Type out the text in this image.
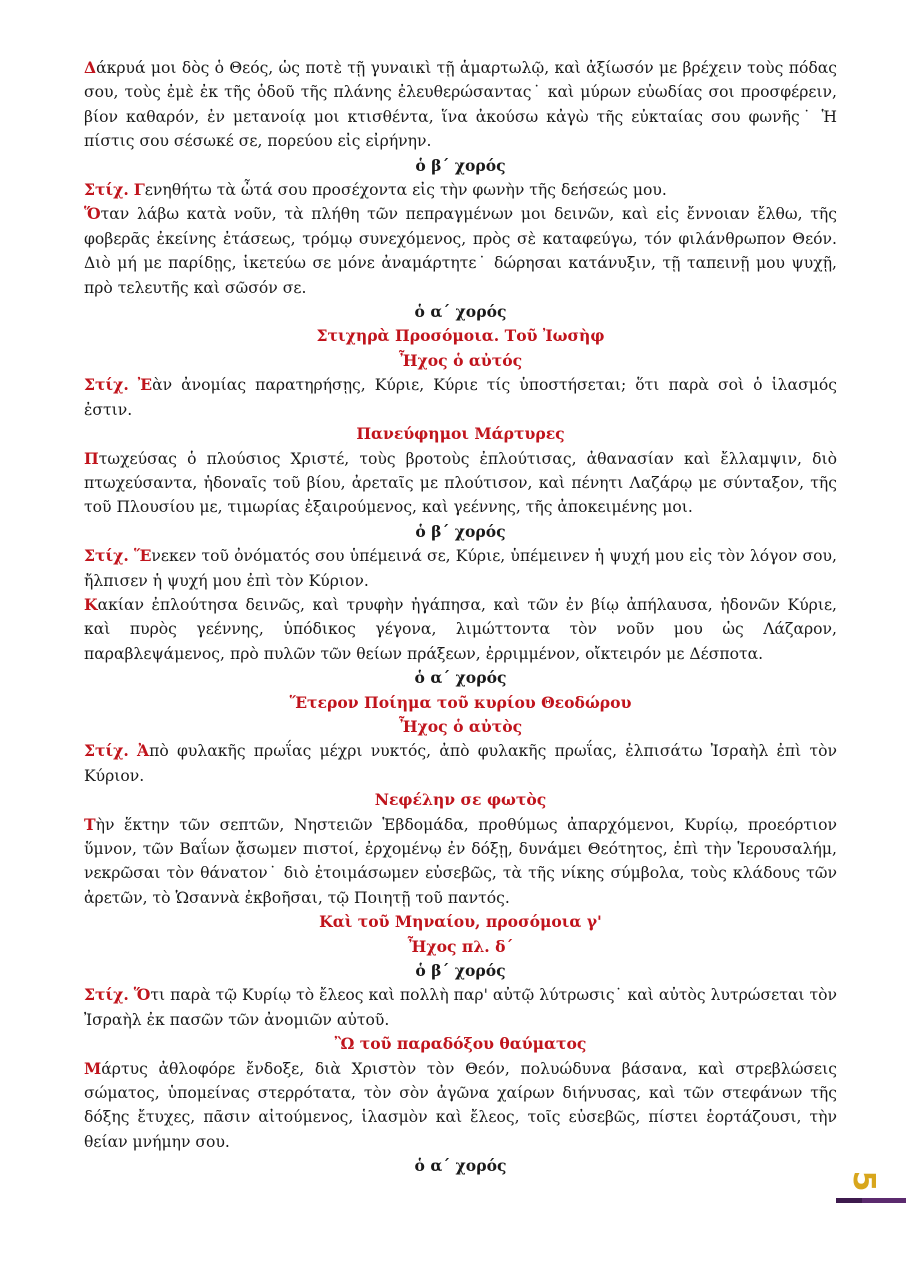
Δάκρυά μοι δὸς ὁ Θεός, ὡς ποτὲ τῇ γυναικὶ τῇ ἁμαρτωλῷ, καὶ ἀξίωσόν με βρέχειν τοὺς πόδας σου, τοὺς ἐμὲ ἐκ τῆς ὁδοῦ τῆς πλάνης ἐλευθερώσαντας˙ καὶ μύρων εὐωδίας σοι προσφέρειν, βίον καθαρόν, ἐν μετανοίᾳ μοι κτισθέντα, ἵνα ἀκούσω κἀγὼ τῆς εὐκταίας σου φωνῆς˙ Ἡ πίστις σου σέσωκέ σε, πορεύου εἰς εἰρήνην.

ὁ β΄ χορός

Στίχ. Γενηθήτω τὰ ὦτά σου προσέχοντα εἰς τὴν φωνὴν τῆς δεήσεώς μου.

Ὅταν λάβω κατὰ νοῦν, τὰ πλήθη τῶν πεπραγμένων μοι δεινῶν, καὶ εἰς ἔννοιαν ἔλθω, τῆς φοβερᾶς ἐκείνης ἐτάσεως, τρόμῳ συνεχόμενος, πρὸς σὲ καταφεύγω, τόν φιλάνθρωπον Θεόν. Διὸ μή με παρίδῃς, ἱκετεύω σε μόνε ἀναμάρτητε˙ δώρησαι κατάνυξιν, τῇ ταπεινῇ μου ψυχῇ, πρὸ τελευτῆς καὶ σῶσόν σε.

ὁ α΄ χορός

Στιχηρὰ Προσόμοια. Τοῦ Ἰωσὴφ

Ἦχος ὁ αὐτός

Στίχ. Ἐὰν ἀνομίας παρατηρήσῃς, Κύριε, Κύριε τίς ὑποστήσεται; ὅτι παρὰ σοὶ ὁ ἱλασμός ἐστιν.

Πανεύφημοι Μάρτυρες

Πτωχεύσας ὁ πλούσιος Χριστέ, τοὺς βροτοὺς ἐπλούτισας, ἀθανασίαν καὶ ἔλλαμψιν, διὸ πτωχεύσαντα, ἡδοναῖς τοῦ βίου, ἀρεταῖς με πλούτισον, καὶ πένητι Λαζάρῳ με σύνταξον, τῆς τοῦ Πλουσίου με, τιμωρίας ἐξαιρούμενος, καὶ γεέννης, τῆς ἀποκειμένης μοι.

ὁ β΄ χορός

Στίχ. Ἕνεκεν τοῦ ὀνόματός σου ὑπέμεινά σε, Κύριε, ὑπέμεινεν ἡ ψυχή μου εἰς τὸν λόγον σου, ἤλπισεν ἡ ψυχή μου ἐπὶ τὸν Κύριον.

Κακίαν ἐπλούτησα δεινῶς, καὶ τρυφὴν ἠγάπησα, καὶ τῶν ἐν βίῳ ἀπήλαυσα, ἡδονῶν Κύριε, καὶ πυρὸς γεέννης, ὑπόδικος γέγονα, λιμώττοντα τὸν νοῦν μου ὡς Λάζαρον, παραβλεψάμενος, πρὸ πυλῶν τῶν θείων πράξεων, ἐρριμμένον, οἴκτειρόν με Δέσποτα.

ὁ α΄ χορός

Ἕτερον Ποίημα τοῦ κυρίου Θεοδώρου

Ἦχος ὁ αὐτὸς

Στίχ. Ἀπὸ φυλακῆς πρωΐας μέχρι νυκτός, ἀπὸ φυλακῆς πρωΐας, ἐλπισάτω Ἰσραὴλ ἐπὶ τὸν Κύριον.

Νεφέλην σε φωτὸς

Τὴν ἕκτην τῶν σεπτῶν, Νηστειῶν Ἑβδομάδα, προθύμως ἀπαρχόμενοι, Κυρίῳ, προεόρτιον ὕμνον, τῶν Βαΐων ᾄσωμεν πιστοί, ἐρχομένῳ ἐν δόξῃ, δυνάμει Θεότητος, ἐπὶ τὴν Ἱερουσαλήμ, νεκρῶσαι τὸν θάνατον˙ διὸ ἑτοιμάσωμεν εὐσεβῶς, τὰ τῆς νίκης σύμβολα, τοὺς κλάδους τῶν ἀρετῶν, τὸ Ὡσαννὰ ἐκβοῆσαι, τῷ Ποιητῇ τοῦ παντός.

Καὶ τοῦ Μηναίου, προσόμοια γ'

Ἦχος πλ. δ΄

ὁ β΄ χορός

Στίχ. Ὅτι παρὰ τῷ Κυρίῳ τὸ ἔλεος καὶ πολλὴ παρ' αὐτῷ λύτρωσις˙ καὶ αὐτὸς λυτρώσεται τὸν Ἰσραὴλ ἐκ πασῶν τῶν ἀνομιῶν αὐτοῦ.

Ὢ τοῦ παραδόξου θαύματος

Μάρτυς ἀθλοφόρε ἔνδοξε, διὰ Χριστὸν τὸν Θεόν, πολυώδυνα βάσανα, καὶ στρεβλώσεις σώματος, ὑπομείνας στερρότατα, τὸν σὸν ἀγῶνα χαίρων διήνυσας, καὶ τῶν στεφάνων τῆς δόξης ἔτυχες, πᾶσιν αἰτούμενος, ἱλασμὸν καὶ ἔλεος, τοῖς εὐσεβῶς, πίστει ἑορτάζουσι, τὴν θείαν μνήμην σου.

ὁ α΄ χορός

5
